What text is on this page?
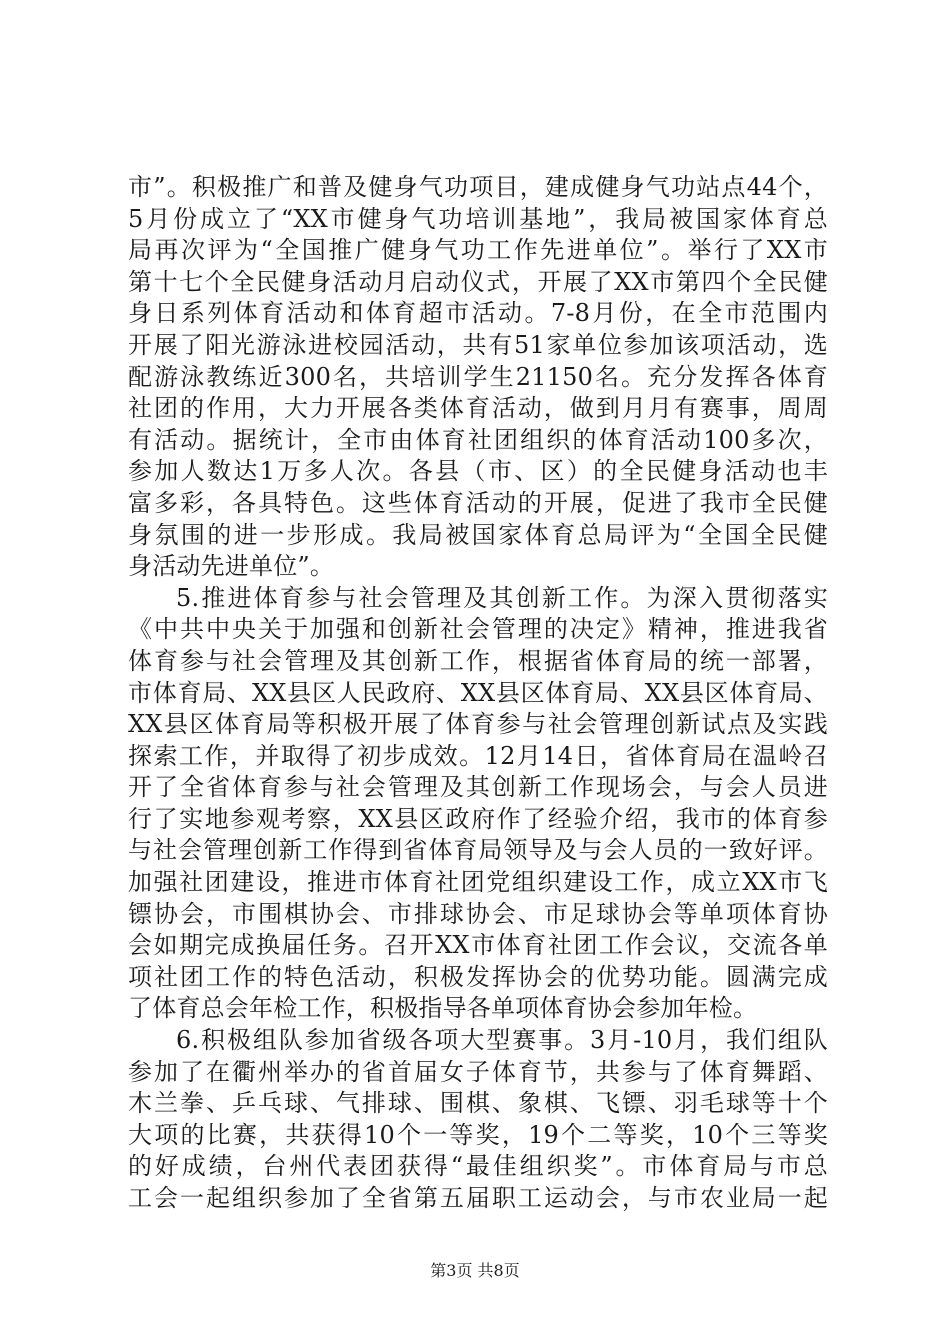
市”。积极推广和普及健身气功项目，建成健身气功站点44个，
5月份成立了“XX市健身气功培训基地”，我局被国家体育总
局再次评为“全国推广健身气功工作先进单位”。举行了XX市
第十七个全民健身活动月启动仪式，开展了XX市第四个全民健
身日系列体育活动和体育超市活动。7-8月份，在全市范围内
开展了阳光游泳进校园活动，共有51家单位参加该项活动，选
配游泳教练近300名，共培训学生21150名。充分发挥各体育
社团的作用，大力开展各类体育活动，做到月月有赛事，周周
有活动。据统计，全市由体育社团组织的体育活动100多次，
参加人数达1万多人次。各县（市、区）的全民健身活动也丰
富多彩，各具特色。这些体育活动的开展，促进了我市全民健
身氛围的进一步形成。我局被国家体育总局评为“全国全民健
身活动先进单位”。
5.推进体育参与社会管理及其创新工作。为深入贯彻落实
《中共中央关于加强和创新社会管理的决定》精神，推进我省
体育参与社会管理及其创新工作，根据省体育局的统一部署，
市体育局、XX县区人民政府、XX县区体育局、XX县区体育局、
XX县区体育局等积极开展了体育参与社会管理创新试点及实践
探索工作，并取得了初步成效。12月14日，省体育局在温岭召
开了全省体育参与社会管理及其创新工作现场会，与会人员进
行了实地参观考察，XX县区政府作了经验介绍，我市的体育参
与社会管理创新工作得到省体育局领导及与会人员的一致好评。
加强社团建设，推进市体育社团党组织建设工作，成立XX市飞
镖协会，市围棋协会、市排球协会、市足球协会等单项体育协
会如期完成换届任务。召开XX市体育社团工作会议，交流各单
项社团工作的特色活动，积极发挥协会的优势功能。圆满完成
了体育总会年检工作，积极指导各单项体育协会参加年检。
6.积极组队参加省级各项大型赛事。3月-10月，我们组队
参加了在衢州举办的省首届女子体育节，共参与了体育舞蹈、
木兰拳、乒乓球、气排球、围棋、象棋、飞镖、羽毛球等十个
大项的比赛，共获得10个一等奖，19个二等奖，10个三等奖
的好成绩，台州代表团获得“最佳组织奖”。市体育局与市总
工会一起组织参加了全省第五届职工运动会，与市农业局一起
第3页 共8页
